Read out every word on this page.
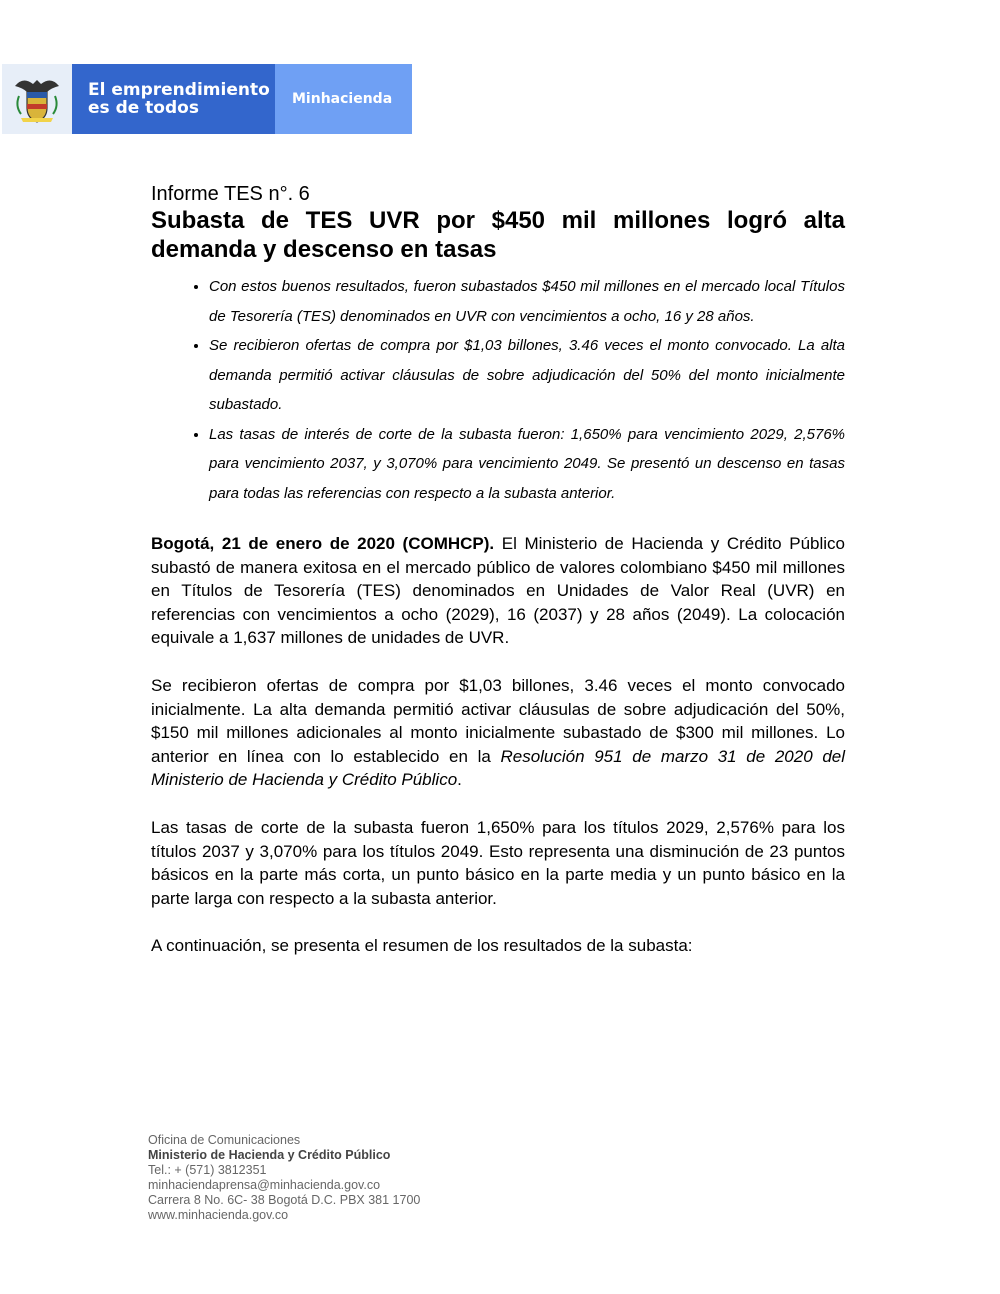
El emprendimiento
es de todos	Minhacienda

Informe TES n°. 6

Subasta de TES UVR por $450 mil millones logró alta demanda y descenso en tasas
• Con estos buenos resultados, fueron subastados $450 mil millones en el mercado local Títulos de Tesorería (TES) denominados en UVR con vencimientos a ocho, 16 y 28 años.
• Se recibieron ofertas de compra por $1,03 billones, 3.46 veces el monto convocado. La alta demanda permitió activar cláusulas de sobre adjudicación del 50% del monto inicialmente subastado.
• Las tasas de interés de corte de la subasta fueron: 1,650% para vencimiento 2029, 2,576% para vencimiento 2037, y 3,070% para vencimiento 2049. Se presentó un descenso en tasas para todas las referencias con respecto a la subasta anterior.

Bogotá, 21 de enero de 2020 (COMHCP). El Ministerio de Hacienda y Crédito Público subastó de manera exitosa en el mercado público de valores colombiano $450 mil millones en Títulos de Tesorería (TES) denominados en Unidades de Valor Real (UVR) en referencias con vencimientos a ocho (2029), 16 (2037) y 28 años (2049). La colocación equivale a 1,637 millones de unidades de UVR.

Se recibieron ofertas de compra por $1,03 billones, 3.46 veces el monto convocado inicialmente. La alta demanda permitió activar cláusulas de sobre adjudicación del 50%, $150 mil millones adicionales al monto inicialmente subastado de $300 mil millones. Lo anterior en línea con lo establecido en la Resolución 951 de marzo 31 de 2020 del Ministerio de Hacienda y Crédito Público.

Las tasas de corte de la subasta fueron 1,650% para los títulos 2029, 2,576% para los títulos 2037 y 3,070% para los títulos 2049. Esto representa una disminución de 23 puntos básicos en la parte más corta, un punto básico en la parte media y un punto básico en la parte larga con respecto a la subasta anterior.

A continuación, se presenta el resumen de los resultados de la subasta:

Oficina de Comunicaciones
Ministerio de Hacienda y Crédito Público
Tel.: + (571) 3812351
minhaciendaprensa@minhacienda.gov.co
Carrera 8 No. 6C- 38 Bogotá D.C. PBX 381 1700
www.minhacienda.gov.co
